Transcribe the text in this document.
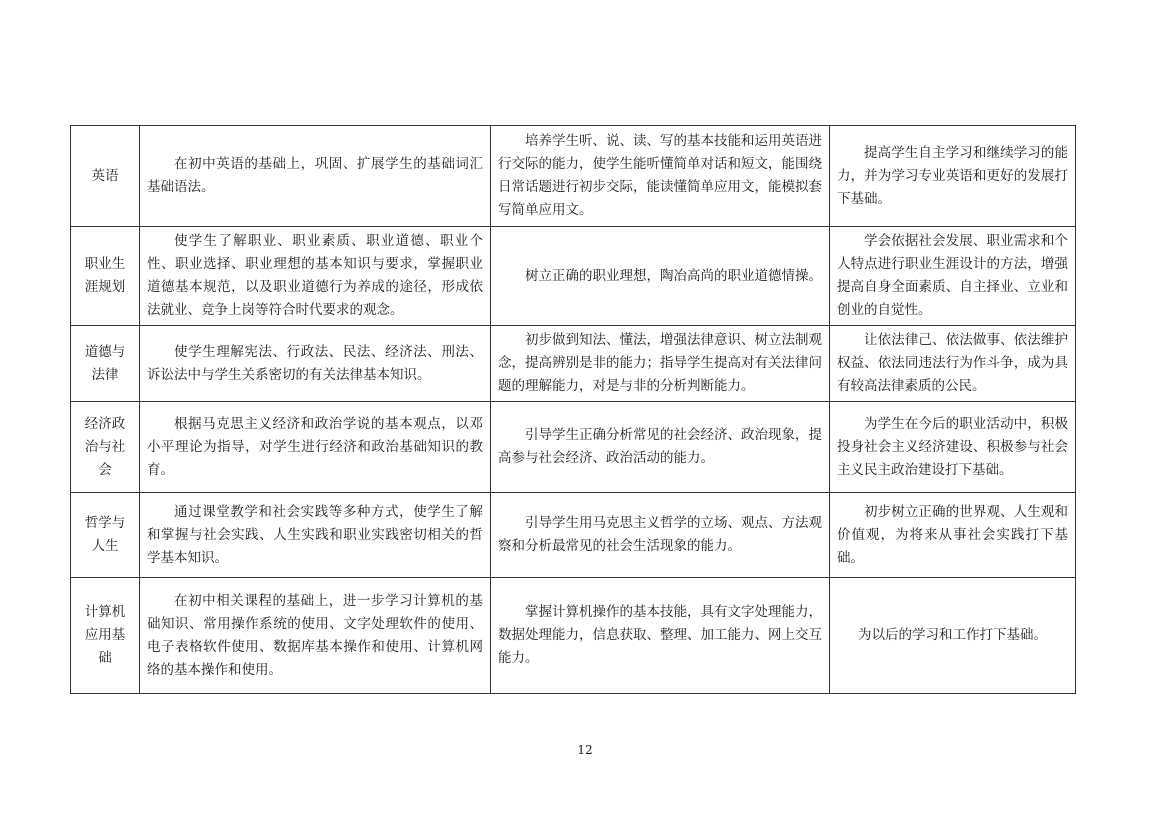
英语	在初中英语的基础上，巩固、扩展学生的基础词汇基础语法。	培养学生听、说、读、写的基本技能和运用英语进行交际的能力，使学生能听懂简单对话和短文，能围绕日常话题进行初步交际，能读懂简单应用文，能模拟套写简单应用文。	提高学生自主学习和继续学习的能力，并为学习专业英语和更好的发展打下基础。
职业生涯规划	使学生了解职业、职业素质、职业道德、职业个性、职业选择、职业理想的基本知识与要求，掌握职业道德基本规范，以及职业道德行为养成的途径，形成依法就业、竞争上岗等符合时代要求的观念。	树立正确的职业理想，陶冶高尚的职业道德情操。	学会依据社会发展、职业需求和个人特点进行职业生涯设计的方法，增强提高自身全面素质、自主择业、立业和创业的自觉性。
道德与法律	使学生理解宪法、行政法、民法、经济法、刑法、诉讼法中与学生关系密切的有关法律基本知识。	初步做到知法、懂法，增强法律意识、树立法制观念，提高辨别是非的能力；指导学生提高对有关法律问题的理解能力，对是与非的分析判断能力。	让依法律己、依法做事、依法维护权益、依法同违法行为作斗争，成为具有较高法律素质的公民。
经济政治与社会	根据马克思主义经济和政治学说的基本观点，以邓小平理论为指导，对学生进行经济和政治基础知识的教育。	引导学生正确分析常见的社会经济、政治现象，提高参与社会经济、政治活动的能力。	为学生在今后的职业活动中，积极投身社会主义经济建设、积极参与社会主义民主政治建设打下基础。
哲学与人生	通过课堂教学和社会实践等多种方式，使学生了解和掌握与社会实践、人生实践和职业实践密切相关的哲学基本知识。	引导学生用马克思主义哲学的立场、观点、方法观察和分析最常见的社会生活现象的能力。	初步树立正确的世界观、人生观和价值观，为将来从事社会实践打下基础。
计算机应用基础	在初中相关课程的基础上，进一步学习计算机的基础知识、常用操作系统的使用、文字处理软件的使用、电子表格软件使用、数据库基本操作和使用、计算机网络的基本操作和使用。	掌握计算机操作的基本技能，具有文字处理能力，数据处理能力，信息获取、整理、加工能力、网上交互能力。	为以后的学习和工作打下基础。
12
